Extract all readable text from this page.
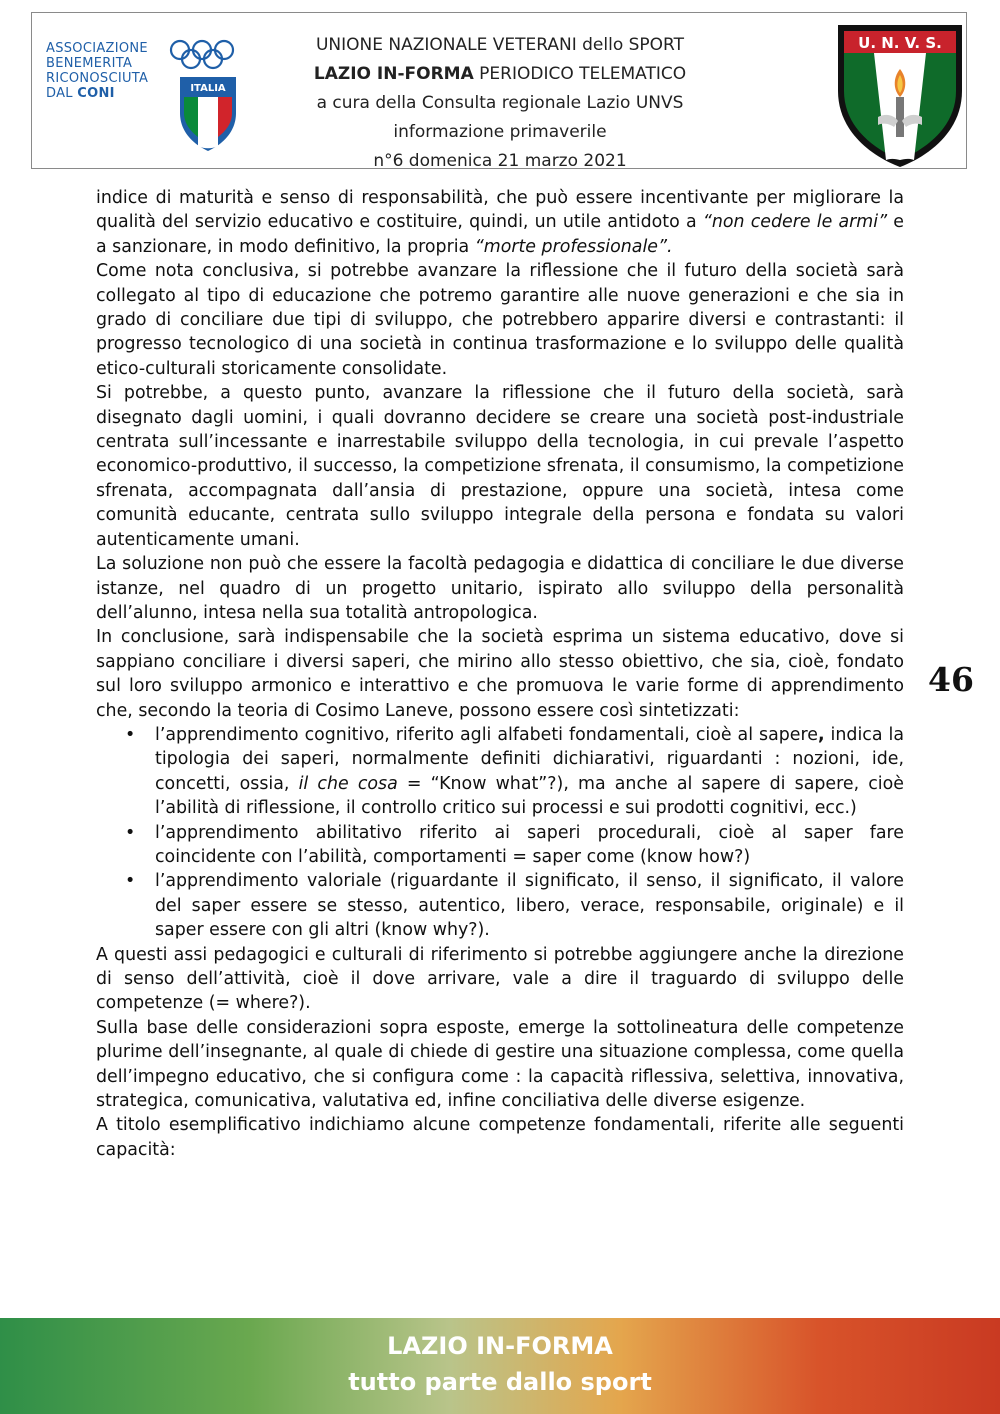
ASSOCIAZIONE
BENEMERITA
RICONOSCIUTA
DAL CONI	ITALIA
UNIONE NAZIONALE VETERANI dello SPORT
LAZIO IN-FORMA PERIODICO TELEMATICO
a cura della Consulta regionale Lazio UNVS
informazione primaverile
n°6 domenica 21 marzo 2021
U. N. V. S.

indice di maturità e senso di responsabilità, che può essere incentivante per migliorare la qualità del servizio educativo e costituire, quindi, un utile antidoto a “non cedere le armi” e a sanzionare, in modo definitivo, la propria “morte professionale”.

Come nota conclusiva, si potrebbe avanzare la riflessione che il futuro della società sarà collegato al tipo di educazione che potremo garantire alle nuove generazioni e che sia in grado di conciliare due tipi di sviluppo, che potrebbero apparire diversi e contrastanti: il progresso tecnologico di una società in continua trasformazione e lo sviluppo delle qualità etico-culturali storicamente consolidate.

Si potrebbe, a questo punto, avanzare la riflessione che il futuro della società, sarà disegnato dagli uomini, i quali dovranno decidere se creare una società post-industriale centrata sull’incessante e inarrestabile sviluppo della tecnologia, in cui prevale l’aspetto economico-produttivo, il successo, la competizione sfrenata, il consumismo, la competizione sfrenata, accompagnata dall’ansia di prestazione, oppure una società, intesa come comunità educante, centrata sullo sviluppo integrale della persona e fondata su valori autenticamente umani.

La soluzione non può che essere la facoltà pedagogia e didattica di conciliare le due diverse istanze, nel quadro di un progetto unitario, ispirato allo sviluppo della personalità dell’alunno, intesa nella sua totalità antropologica.

In conclusione, sarà indispensabile che la società esprima un sistema educativo, dove si sappiano conciliare i diversi saperi, che mirino allo stesso obiettivo, che sia, cioè, fondato sul loro sviluppo armonico e interattivo e che promuova le varie forme di apprendimento che, secondo la teoria di Cosimo Laneve, possono essere così sintetizzati:

• l’apprendimento cognitivo, riferito agli alfabeti fondamentali, cioè al sapere, indica la tipologia dei saperi, normalmente definiti dichiarativi, riguardanti : nozioni, ide, concetti, ossia, il che cosa = “Know what”?), ma anche al sapere di sapere, cioè l’abilità di riflessione, il controllo critico sui processi e sui prodotti cognitivi, ecc.)
• l’apprendimento abilitativo riferito ai saperi procedurali, cioè al saper fare coincidente con l’abilità, comportamenti = saper come (know how?)
• l’apprendimento valoriale (riguardante il significato, il senso, il significato, il valore del saper essere se stesso, autentico, libero, verace, responsabile, originale) e il saper essere con gli altri (know why?).

A questi assi pedagogici e culturali di riferimento si potrebbe aggiungere anche la direzione di senso dell’attività, cioè il dove arrivare, vale a dire il traguardo di sviluppo delle competenze (= where?).

Sulla base delle considerazioni sopra esposte, emerge la sottolineatura delle competenze plurime dell’insegnante, al quale di chiede di gestire una situazione complessa, come quella dell’impegno educativo, che si configura come : la capacità riflessiva, selettiva, innovativa, strategica, comunicativa, valutativa ed, infine conciliativa delle diverse esigenze.

A titolo esemplificativo indichiamo alcune competenze fondamentali, riferite alle seguenti capacità:

46
LAZIO IN-FORMA
tutto parte dallo sport
